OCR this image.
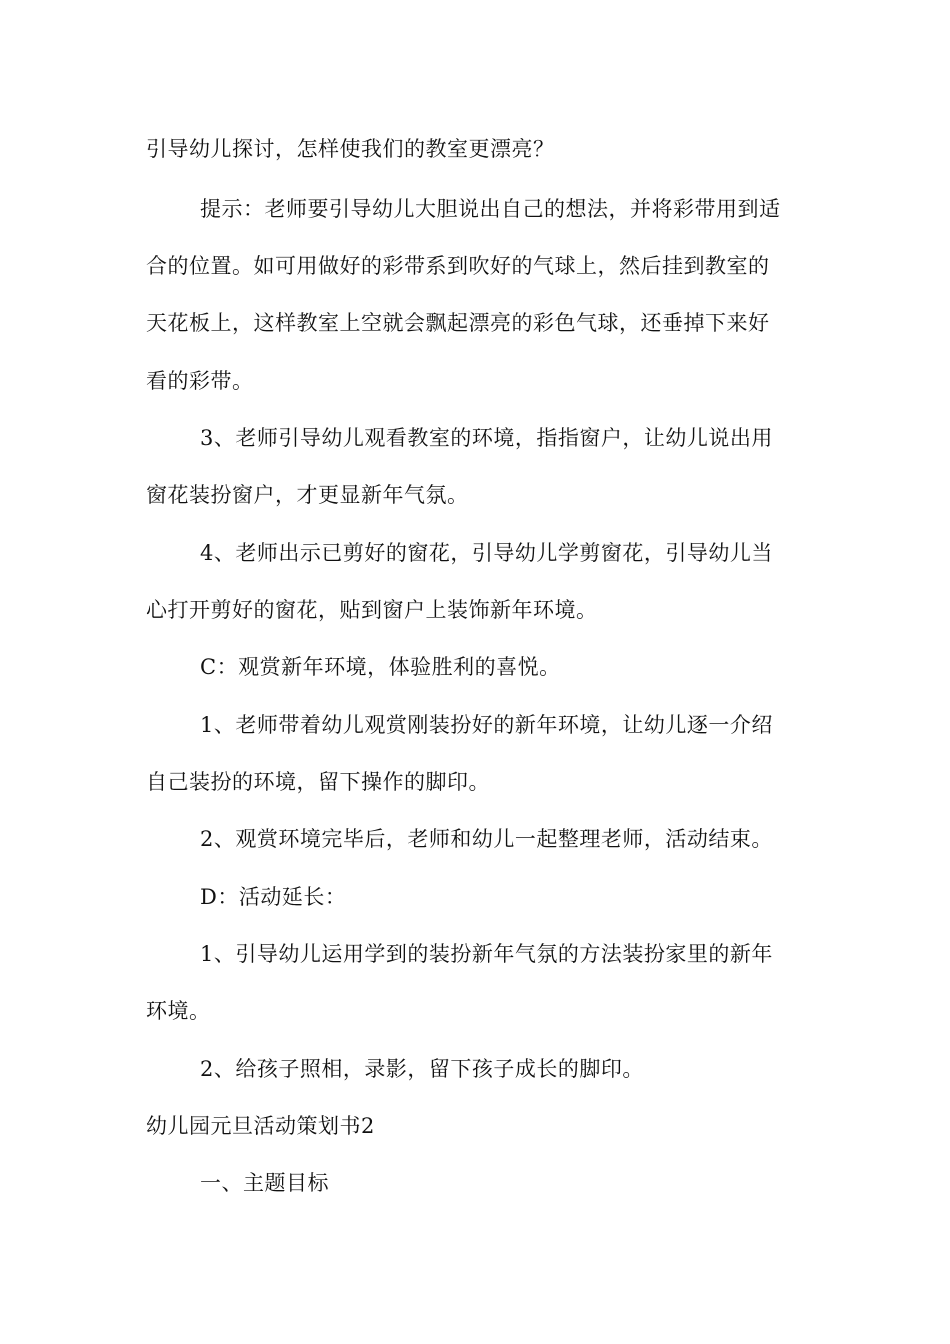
引导幼儿探讨，怎样使我们的教室更漂亮？
提示：老师要引导幼儿大胆说出自己的想法，并将彩带用到适
合的位置。如可用做好的彩带系到吹好的气球上，然后挂到教室的
天花板上，这样教室上空就会飘起漂亮的彩色气球，还垂掉下来好
看的彩带。
3、老师引导幼儿观看教室的环境，指指窗户，让幼儿说出用
窗花装扮窗户，才更显新年气氛。
4、老师出示已剪好的窗花，引导幼儿学剪窗花，引导幼儿当
心打开剪好的窗花，贴到窗户上装饰新年环境。
C：观赏新年环境，体验胜利的喜悦。
1、老师带着幼儿观赏刚装扮好的新年环境，让幼儿逐一介绍
自己装扮的环境，留下操作的脚印。
2、观赏环境完毕后，老师和幼儿一起整理老师，活动结束。
D：活动延长：
1、引导幼儿运用学到的装扮新年气氛的方法装扮家里的新年
环境。
2、给孩子照相，录影，留下孩子成长的脚印。
幼儿园元旦活动策划书2
一、主题目标
